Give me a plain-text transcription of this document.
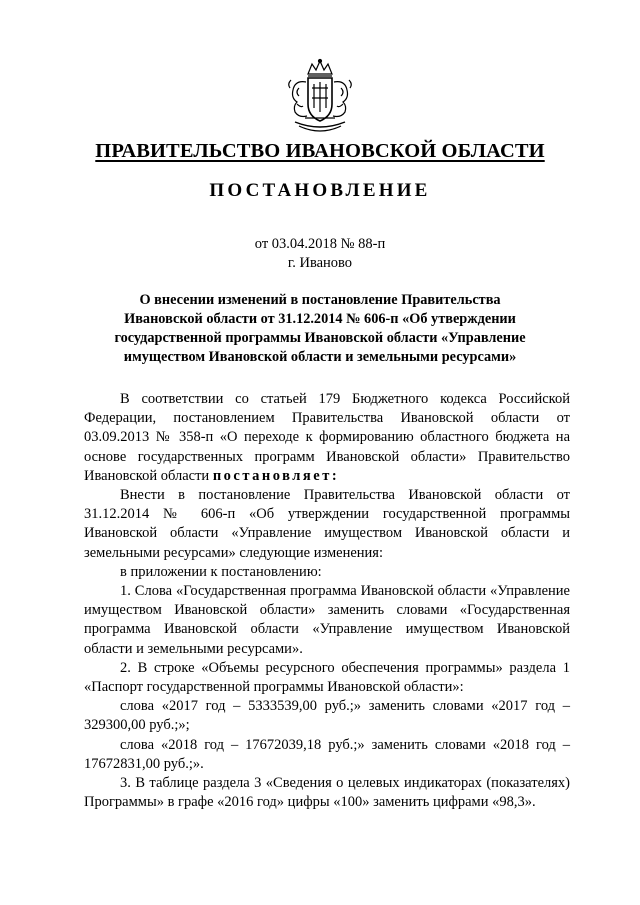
ПРАВИТЕЛЬСТВО ИВАНОВСКОЙ ОБЛАСТИ
ПОСТАНОВЛЕНИЕ
от 03.04.2018 № 88-п
г. Иваново
О внесении изменений в постановление Правительства
Ивановской области от 31.12.2014 № 606-п «Об утверждении
государственной программы Ивановской области «Управление
имуществом Ивановской области и земельными ресурсами»

В соответствии со статьей 179 Бюджетного кодекса Российской Федерации, постановлением Правительства Ивановской области от 03.09.2013 № 358-п «О переходе к формированию областного бюджета на основе государственных программ Ивановской области» Правительство Ивановской области постановляет:

Внести в постановление Правительства Ивановской области от 31.12.2014 № 606-п «Об утверждении государственной программы Ивановской области «Управление имуществом Ивановской области и земельными ресурсами» следующие изменения:

в приложении к постановлению:

1. Слова «Государственная программа Ивановской области «Управление имуществом Ивановской области» заменить словами «Государственная программа Ивановской области «Управление имуществом Ивановской области и земельными ресурсами».

2. В строке «Объемы ресурсного обеспечения программы» раздела 1 «Паспорт государственной программы Ивановской области»:

слова «2017 год – 5333539,00 руб.;» заменить словами «2017 год – 329300,00 руб.;»;

слова «2018 год – 17672039,18 руб.;» заменить словами «2018 год – 17672831,00 руб.;».

3. В таблице раздела 3 «Сведения о целевых индикаторах (показателях) Программы» в графе «2016 год» цифры «100» заменить цифрами «98,3».
